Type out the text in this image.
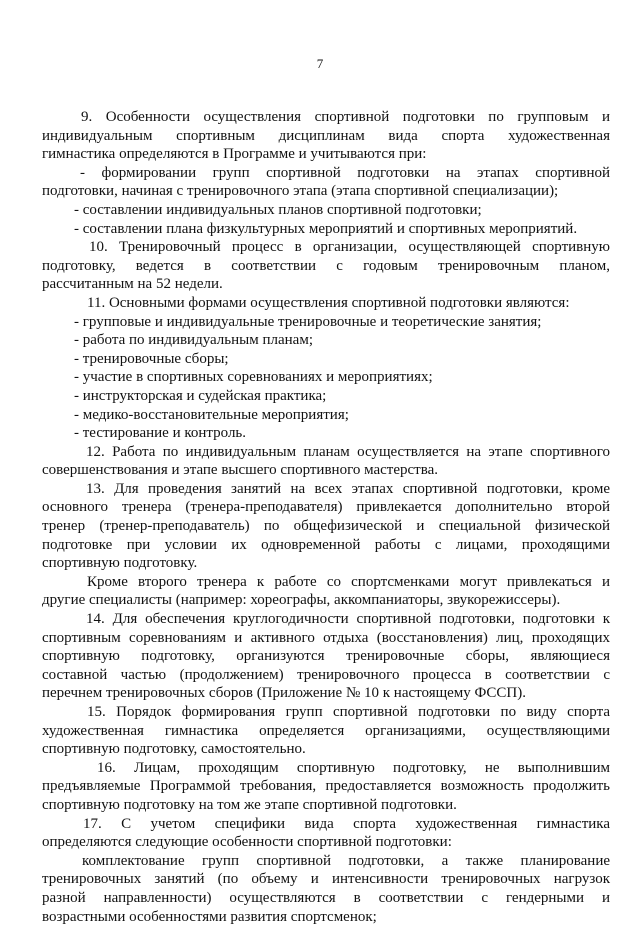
7
9. Особенности осуществления спортивной подготовки по групповым и
индивидуальным спортивным дисциплинам вида спорта художественная
гимнастика определяются в Программе и учитываются при:
- формировании групп спортивной подготовки на этапах спортивной
подготовки, начиная с тренировочного этапа (этапа спортивной специализации);
- составлении индивидуальных планов спортивной подготовки;
- составлении плана физкультурных мероприятий и спортивных мероприятий.
10. Тренировочный процесс в организации, осуществляющей спортивную
подготовку, ведется в соответствии с годовым тренировочным планом,
рассчитанным на 52 недели.
11. Основными формами осуществления спортивной подготовки являются:
- групповые и индивидуальные тренировочные и теоретические занятия;
- работа по индивидуальным планам;
- тренировочные сборы;
- участие в спортивных соревнованиях и мероприятиях;
- инструкторская и судейская практика;
- медико-восстановительные мероприятия;
- тестирование и контроль.
12. Работа по индивидуальным планам осуществляется на этапе спортивного
совершенствования и этапе высшего спортивного мастерства.
13. Для проведения занятий на всех этапах спортивной подготовки, кроме
основного тренера (тренера-преподавателя) привлекается дополнительно второй
тренер (тренер-преподаватель) по общефизической и специальной физической
подготовке при условии их одновременной работы с лицами, проходящими
спортивную подготовку.
Кроме второго тренера к работе со спортсменками могут привлекаться и
другие специалисты (например: хореографы, аккомпаниаторы, звукорежиссеры).
14. Для обеспечения круглогодичности спортивной подготовки, подготовки к
спортивным соревнованиям и активного отдыха (восстановления) лиц, проходящих
спортивную подготовку, организуются тренировочные сборы, являющиеся
составной частью (продолжением) тренировочного процесса в соответствии с
перечнем тренировочных сборов (Приложение № 10 к настоящему ФССП).
15. Порядок формирования групп спортивной подготовки по виду спорта
художественная гимнастика определяется организациями, осуществляющими
спортивную подготовку, самостоятельно.
16. Лицам, проходящим спортивную подготовку, не выполнившим
предъявляемые Программой требования, предоставляется возможность продолжить
спортивную подготовку на том же этапе спортивной подготовки.
17. С учетом специфики вида спорта художественная гимнастика
определяются следующие особенности спортивной подготовки:
комплектование групп спортивной подготовки, а также планирование
тренировочных занятий (по объему и интенсивности тренировочных нагрузок
разной направленности) осуществляются в соответствии с гендерными и
возрастными особенностями развития спортсменок;
